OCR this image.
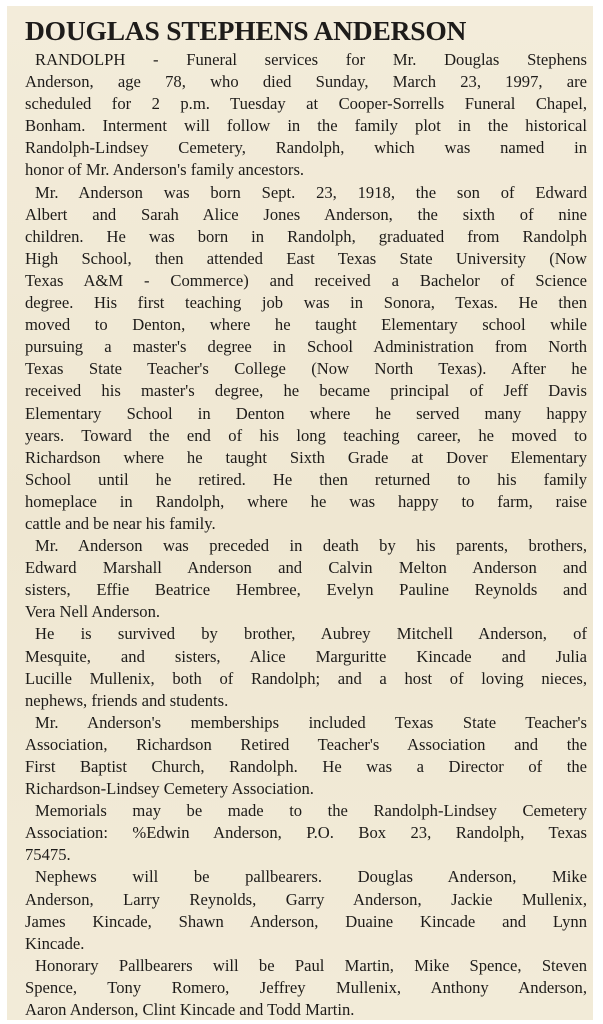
DOUGLAS STEPHENS ANDERSON
RANDOLPH - Funeral services for Mr. Douglas Stephens
Anderson, age 78, who died Sunday, March 23, 1997, are
scheduled for 2 p.m. Tuesday at Cooper-Sorrells Funeral Chapel,
Bonham. Interment will follow in the family plot in the historical
Randolph-Lindsey Cemetery, Randolph, which was named in
honor of Mr. Anderson's family ancestors.
Mr. Anderson was born Sept. 23, 1918, the son of Edward
Albert and Sarah Alice Jones Anderson, the sixth of nine
children. He was born in Randolph, graduated from Randolph
High School, then attended East Texas State University (Now
Texas A&M - Commerce) and received a Bachelor of Science
degree. His first teaching job was in Sonora, Texas. He then
moved to Denton, where he taught Elementary school while
pursuing a master's degree in School Administration from North
Texas State Teacher's College (Now North Texas). After he
received his master's degree, he became principal of Jeff Davis
Elementary School in Denton where he served many happy
years. Toward the end of his long teaching career, he moved to
Richardson where he taught Sixth Grade at Dover Elementary
School until he retired. He then returned to his family
homeplace in Randolph, where he was happy to farm, raise
cattle and be near his family.
Mr. Anderson was preceded in death by his parents, brothers,
Edward Marshall Anderson and Calvin Melton Anderson and
sisters, Effie Beatrice Hembree, Evelyn Pauline Reynolds and
Vera Nell Anderson.
He is survived by brother, Aubrey Mitchell Anderson, of
Mesquite, and sisters, Alice Marguritte Kincade and Julia
Lucille Mullenix, both of Randolph; and a host of loving nieces,
nephews, friends and students.
Mr. Anderson's memberships included Texas State Teacher's
Association, Richardson Retired Teacher's Association and the
First Baptist Church, Randolph. He was a Director of the
Richardson-Lindsey Cemetery Association.
Memorials may be made to the Randolph-Lindsey Cemetery
Association: %Edwin Anderson, P.O. Box 23, Randolph, Texas
75475.
Nephews will be pallbearers. Douglas Anderson, Mike
Anderson, Larry Reynolds, Garry Anderson, Jackie Mullenix,
James Kincade, Shawn Anderson, Duaine Kincade and Lynn
Kincade.
Honorary Pallbearers will be Paul Martin, Mike Spence, Steven
Spence, Tony Romero, Jeffrey Mullenix, Anthony Anderson,
Aaron Anderson, Clint Kincade and Todd Martin.
